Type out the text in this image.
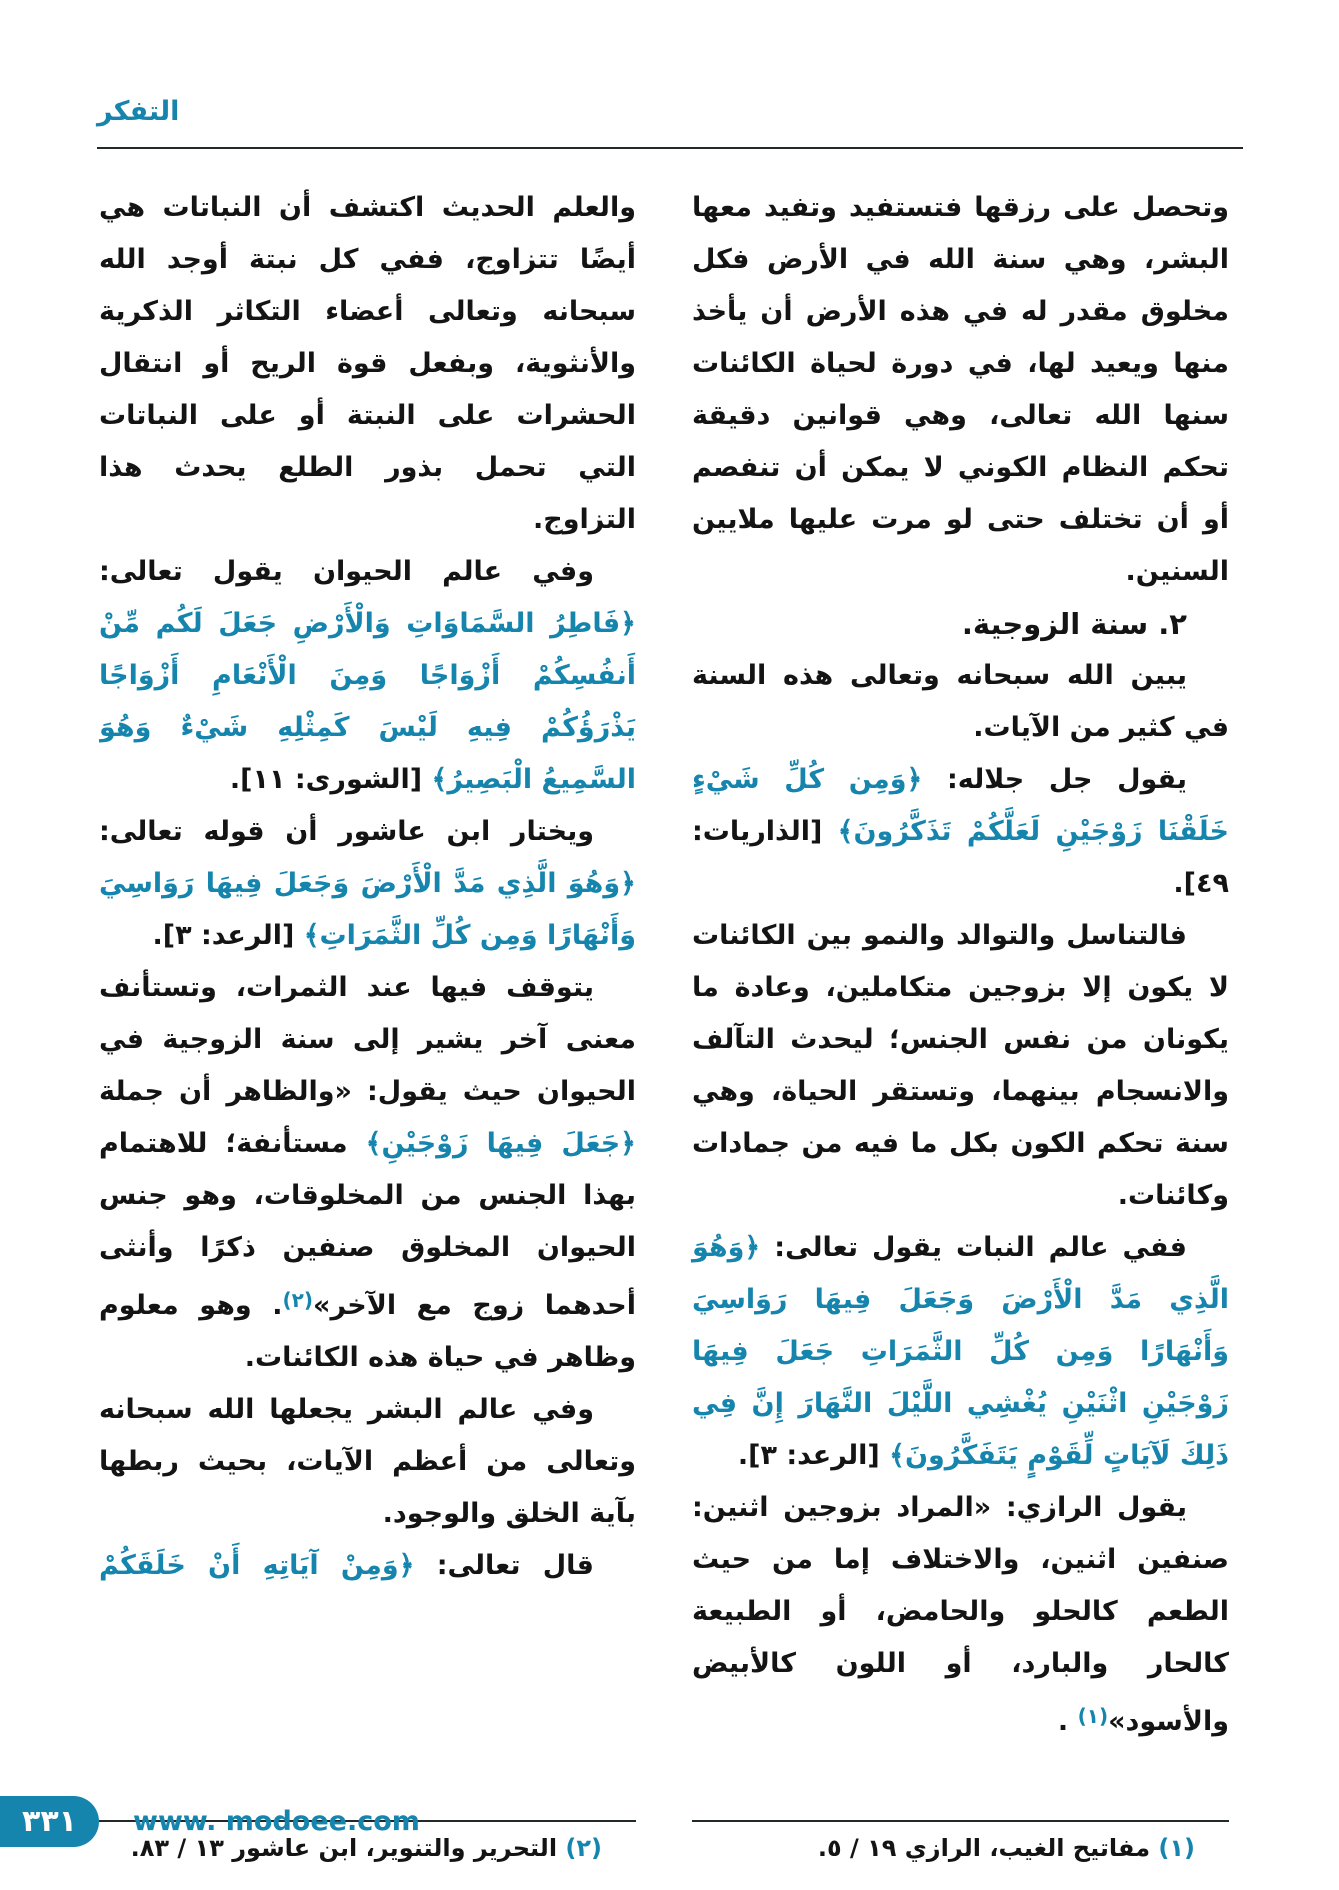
التفكر

وتحصل على رزقها فتستفيد وتفيد معها البشر، وهي سنة الله في الأرض فكل مخلوق مقدر له في هذه الأرض أن يأخذ منها ويعيد لها، في دورة لحياة الكائنات سنها الله تعالى، وهي قوانين دقيقة تحكم النظام الكوني لا يمكن أن تنفصم أو أن تختلف حتى لو مرت عليها ملايين السنين.

٢. سنة الزوجية.

يبين الله سبحانه وتعالى هذه السنة في كثير من الآيات.

يقول جل جلاله: ﴿وَمِن كُلِّ شَيْءٍ خَلَقْنَا زَوْجَيْنِ لَعَلَّكُمْ تَذَكَّرُونَ﴾ [الذاريات: ٤٩].

فالتناسل والتوالد والنمو بين الكائنات لا يكون إلا بزوجين متكاملين، وعادة ما يكونان من نفس الجنس؛ ليحدث التآلف والانسجام بينهما، وتستقر الحياة، وهي سنة تحكم الكون بكل ما فيه من جمادات وكائنات.

ففي عالم النبات يقول تعالى: ﴿وَهُوَ الَّذِي مَدَّ الْأَرْضَ وَجَعَلَ فِيهَا رَوَاسِيَ وَأَنْهَارًا وَمِن كُلِّ الثَّمَرَاتِ جَعَلَ فِيهَا زَوْجَيْنِ اثْنَيْنِ يُغْشِي اللَّيْلَ النَّهَارَ إِنَّ فِي ذَلِكَ لَآيَاتٍ لِّقَوْمٍ يَتَفَكَّرُونَ﴾ [الرعد: ٣].

يقول الرازي: «المراد بزوجين اثنين: صنفين اثنين، والاختلاف إما من حيث الطعم كالحلو والحامض، أو الطبيعة كالحار والبارد، أو اللون كالأبيض والأسود»$^{(١)}$ .

والعلم الحديث اكتشف أن النباتات هي أيضًا تتزاوج، ففي كل نبتة أوجد الله سبحانه وتعالى أعضاء التكاثر الذكرية والأنثوية، وبفعل قوة الريح أو انتقال الحشرات على النبتة أو على النباتات التي تحمل بذور الطلع يحدث هذا التزاوج.

وفي عالم الحيوان يقول تعالى: ﴿فَاطِرُ السَّمَاوَاتِ وَالْأَرْضِ جَعَلَ لَكُم مِّنْ أَنفُسِكُمْ أَزْوَاجًا وَمِنَ الْأَنْعَامِ أَزْوَاجًا يَذْرَؤُكُمْ فِيهِ لَيْسَ كَمِثْلِهِ شَيْءٌ وَهُوَ السَّمِيعُ الْبَصِيرُ﴾ [الشورى: ١١].

ويختار ابن عاشور أن قوله تعالى: ﴿وَهُوَ الَّذِي مَدَّ الْأَرْضَ وَجَعَلَ فِيهَا رَوَاسِيَ وَأَنْهَارًا وَمِن كُلِّ الثَّمَرَاتِ﴾ [الرعد: ٣].

يتوقف فيها عند الثمرات، وتستأنف معنى آخر يشير إلى سنة الزوجية في الحيوان حيث يقول: «والظاهر أن جملة ﴿جَعَلَ فِيهَا زَوْجَيْنِ﴾ مستأنفة؛ للاهتمام بهذا الجنس من المخلوقات، وهو جنس الحيوان المخلوق صنفين ذكرًا وأنثى أحدهما زوج مع الآخر»$^{(٢)}$. وهو معلوم وظاهر في حياة هذه الكائنات.

وفي عالم البشر يجعلها الله سبحانه وتعالى من أعظم الآيات، بحيث ربطها بآية الخلق والوجود.

قال تعالى: ﴿وَمِنْ آيَاتِهِ أَنْ خَلَقَكُمْ

(١) مفاتيح الغيب، الرازي ١٩ / ٥.

(٢) التحرير والتنوير، ابن عاشور ١٣ / ٨٣.

٣٣١ www. modoee.com
